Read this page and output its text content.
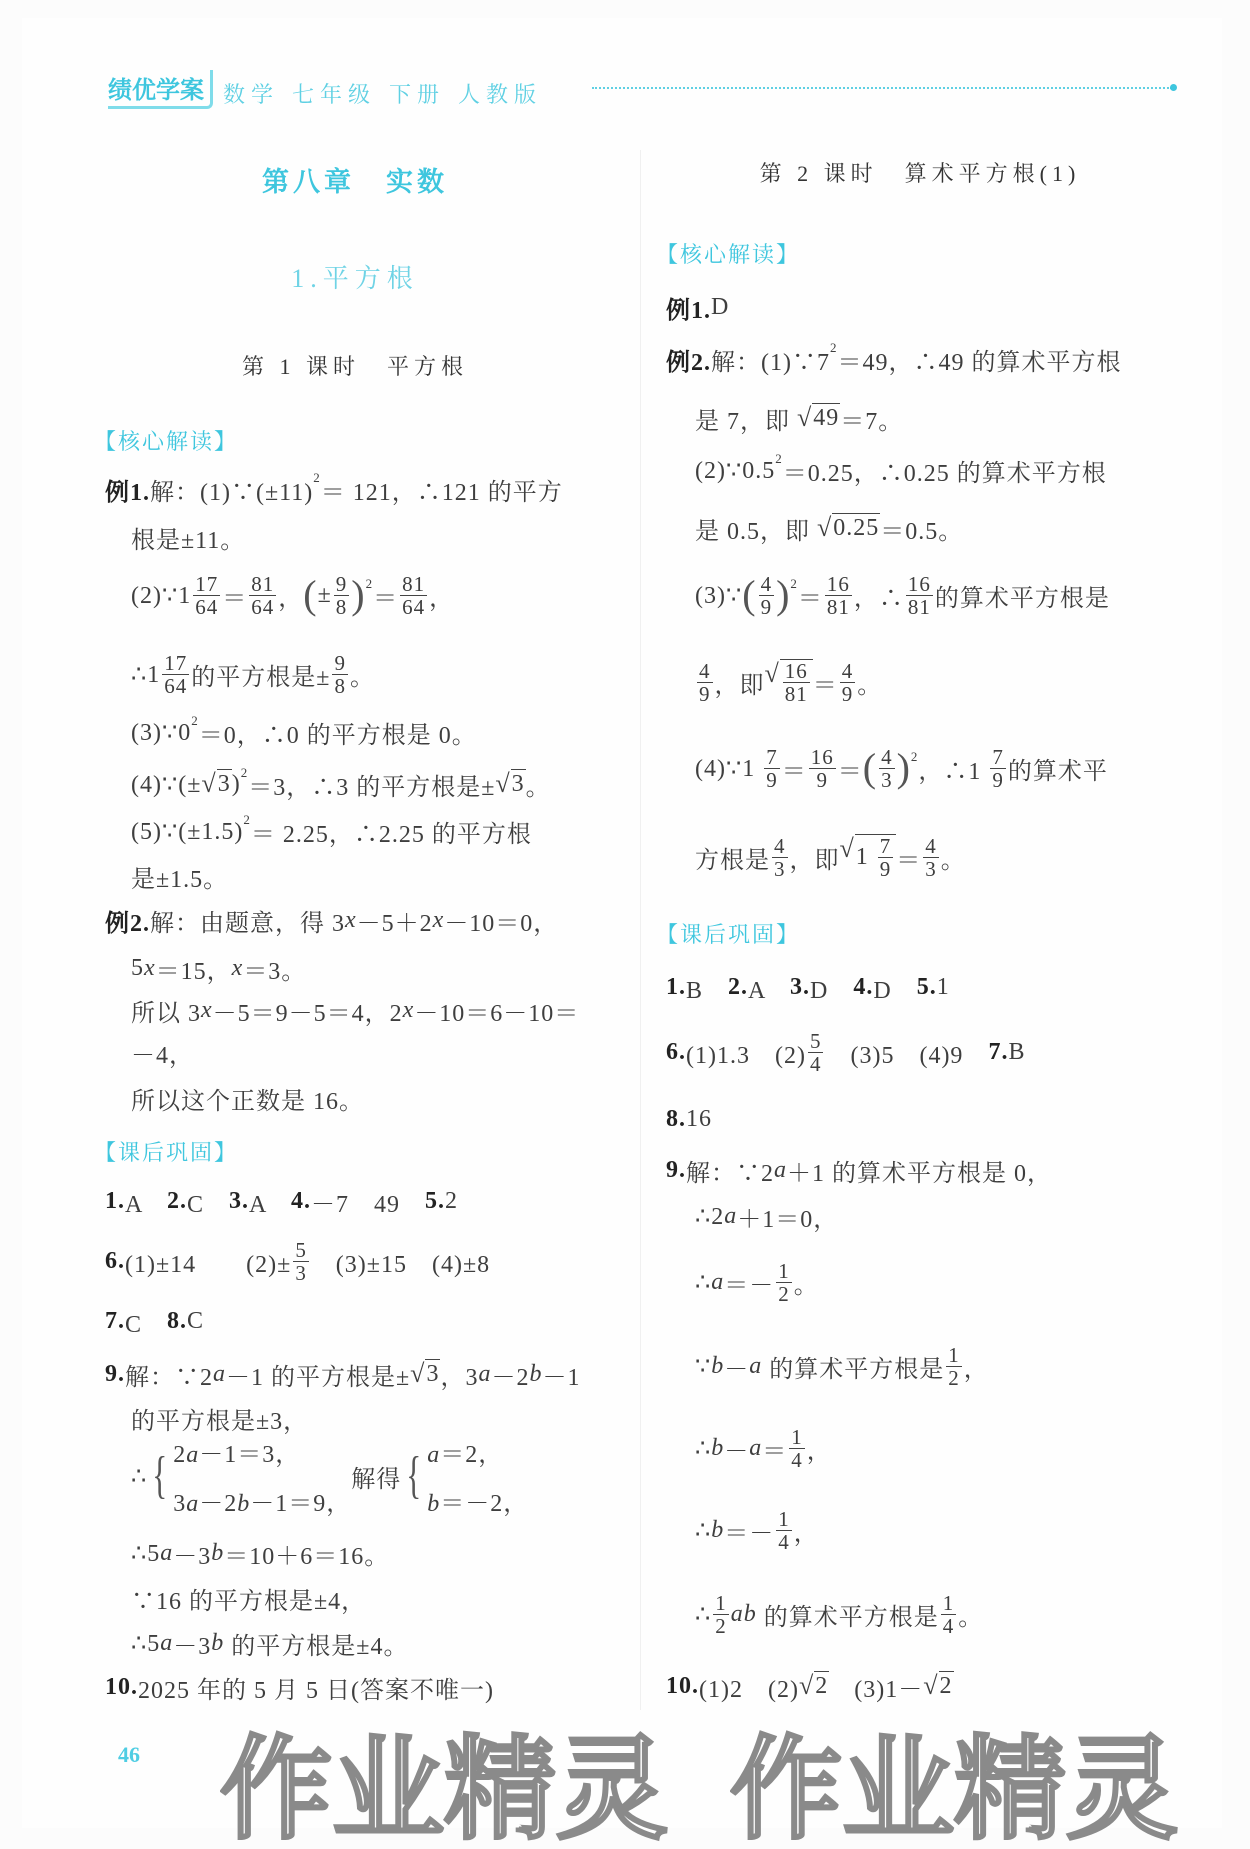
绩优学案 数学 七年级 下册 人教版
第八章　实数
1.平方根
第 1 课时　平方根
第 2 课时　算术平方根(1)
【核心解读】
【课后巩固】
【核心解读】
【课后巩固】
例1. 解：(1)∵(±11)
2
＝ 121，∴121 的平方
根是±11。
(2)∵1 $\frac{17}{64} = \frac{81}{64}$ ， ( ± $\frac{9}{8}$ ) 2
＝ $\frac{81}{64}$ ，
∴1 $\frac{17}{64}$ 的平方根是± $\frac{9}{8}$ 。
(3)∵0 2
＝0，∴0 的平方根是 0。
(4)∵(± √ 3 ) 2
＝3，∴3 的平方根是± √ 3 。
(5)∵(±1.5) 2
＝ 2.25，∴2.25 的平方根
是±1.5。
例2. 解：由题意，得 3 x －5＋2 x －10＝0，
5 x ＝15， x ＝3。
所以 3 x －5＝9－5＝4，2 x －10＝6－10＝
－4，
所以这个正数是 16。
1. A　 2. C　 3. A　 4. －7　49　 5. 2
6. (1)±14　　$(2)\pm \frac{5}{3}$ 　(3)±15　(4)±8
7. C　 8. C
9. 解：∵2 a －1 的平方根是± √ 3 ，3 a －2 b －1
的平方根是±3，
∴ { 2a－1＝3，
3a－2b－1＝9，
解得 { a＝2，
b＝－2，
∴5 a －3 b ＝10＋6＝16。
∵16 的平方根是±4，
∴5 a －3 b 的平方根是±4。
10. 2025 年的 5 月 5 日(答案不唯一)
例1. D
例2. 解：(1)∵7
2
＝49，∴49 的算术平方根
是 7，即 √ 49 ＝7。
(2)∵0.5 2
＝0.25，∴0.25 的算术平方根
是 0.5，即 √ 0.25 ＝0.5。
(3)∵ ( $\frac{4}{9}$ ) 2
＝ $\frac{16}{81}$ ，∴ $\frac{16}{81}$ 的算术平方根是
$\frac{4}{9}$ ，即 √ $\frac{16}{81} = \frac{4}{9}$ 。
(4)∵1 $\frac{7}{9} = \frac{16}{9}$ ＝ ( $\frac{4}{3}$ ) 2
，∴1 $\frac{7}{9}$ 的算术平
方根是 $\frac{4}{3}$ ，即 √ $1 \frac{7}{9} = \frac{4}{3}$ 。
1. B　 2. A　 3. D　 4. D　 5. 1
6. (1)1.3　$(2) \frac{5}{4}$ 　(3)5　(4)9　 7. B
8. 16
9. 解：∵2 a ＋1 的算术平方根是 0，
∴2 a ＋1＝0，
∴ $a =- \frac{1}{2}$ 。
∵ b － a 的算术平方根是 $\frac{1}{2}$ ，
∴ $b - a = \frac{1}{4}$ ，
∴ $b =- \frac{1}{4}$ ，
∴ $\frac{1}{2}$ ab 的算术平方根是 $\frac{1}{4}$ 。
10. (1)2　(2) √ 2 　(3)1－ √ 2
46 作业精灵 作业精灵
